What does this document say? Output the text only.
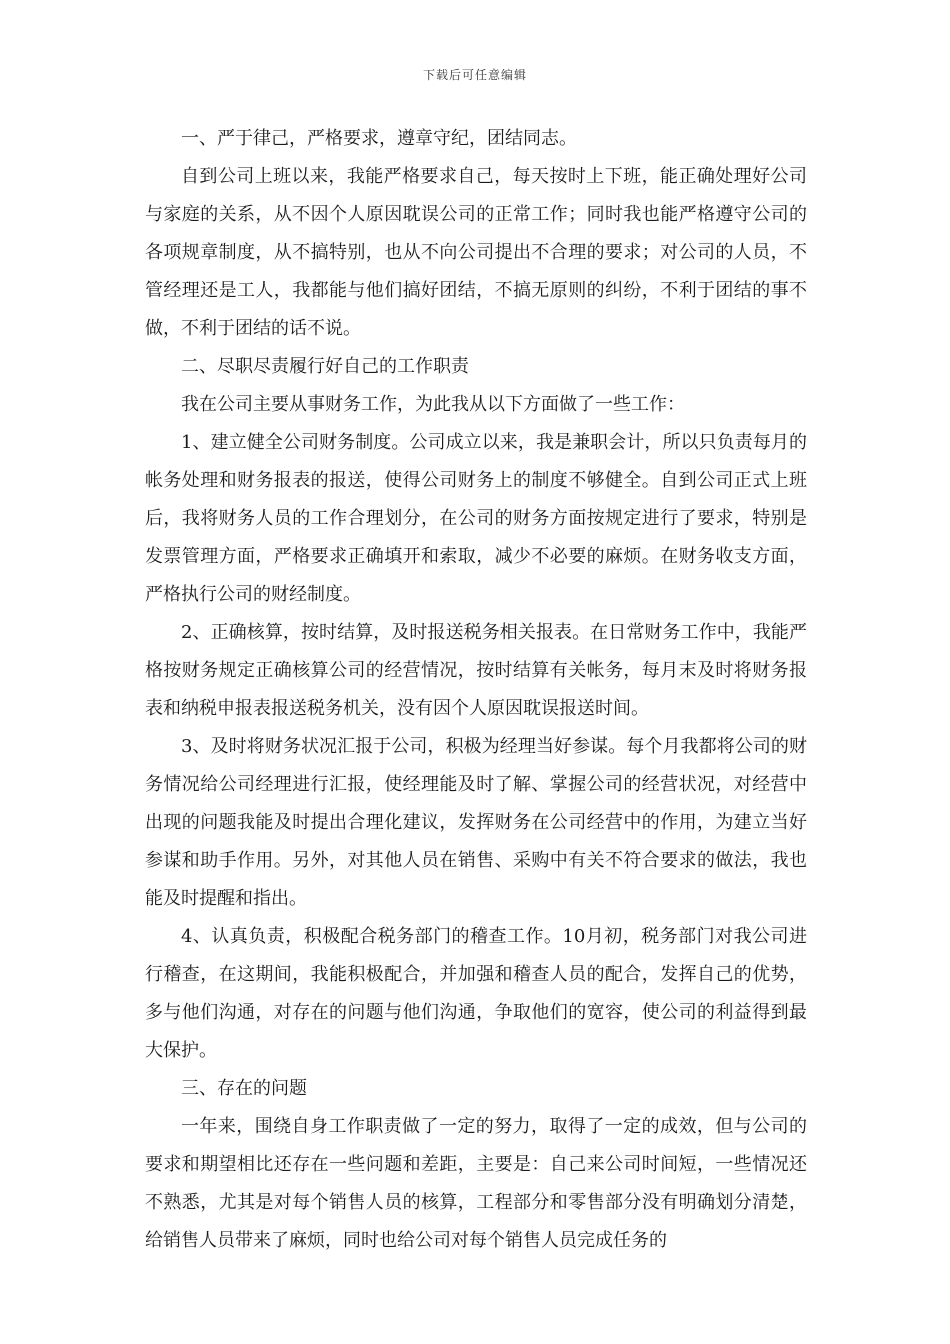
下载后可任意编辑

一、严于律己，严格要求，遵章守纪，团结同志。

自到公司上班以来，我能严格要求自己，每天按时上下班，能正确处理好公司与家庭的关系，从不因个人原因耽误公司的正常工作；同时我也能严格遵守公司的各项规章制度，从不搞特别，也从不向公司提出不合理的要求；对公司的人员，不管经理还是工人，我都能与他们搞好团结，不搞无原则的纠纷，不利于团结的事不做，不利于团结的话不说。

二、尽职尽责履行好自己的工作职责

我在公司主要从事财务工作，为此我从以下方面做了一些工作：

1、建立健全公司财务制度。公司成立以来，我是兼职会计，所以只负责每月的帐务处理和财务报表的报送，使得公司财务上的制度不够健全。自到公司正式上班后，我将财务人员的工作合理划分，在公司的财务方面按规定进行了要求，特别是发票管理方面，严格要求正确填开和索取，减少不必要的麻烦。在财务收支方面，严格执行公司的财经制度。

2、正确核算，按时结算，及时报送税务相关报表。在日常财务工作中，我能严格按财务规定正确核算公司的经营情况，按时结算有关帐务，每月末及时将财务报表和纳税申报表报送税务机关，没有因个人原因耽误报送时间。

3、及时将财务状况汇报于公司，积极为经理当好参谋。每个月我都将公司的财务情况给公司经理进行汇报，使经理能及时了解、掌握公司的经营状况，对经营中出现的问题我能及时提出合理化建议，发挥财务在公司经营中的作用，为建立当好参谋和助手作用。另外，对其他人员在销售、采购中有关不符合要求的做法，我也能及时提醒和指出。

4、认真负责，积极配合税务部门的稽查工作。10月初，税务部门对我公司进行稽查，在这期间，我能积极配合，并加强和稽查人员的配合，发挥自己的优势，多与他们沟通，对存在的问题与他们沟通，争取他们的宽容，使公司的利益得到最大保护。

三、存在的问题

一年来，围绕自身工作职责做了一定的努力，取得了一定的成效，但与公司的要求和期望相比还存在一些问题和差距，主要是：自己来公司时间短，一些情况还不熟悉，尤其是对每个销售人员的核算，工程部分和零售部分没有明确划分清楚，给销售人员带来了麻烦，同时也给公司对每个销售人员完成任务的
